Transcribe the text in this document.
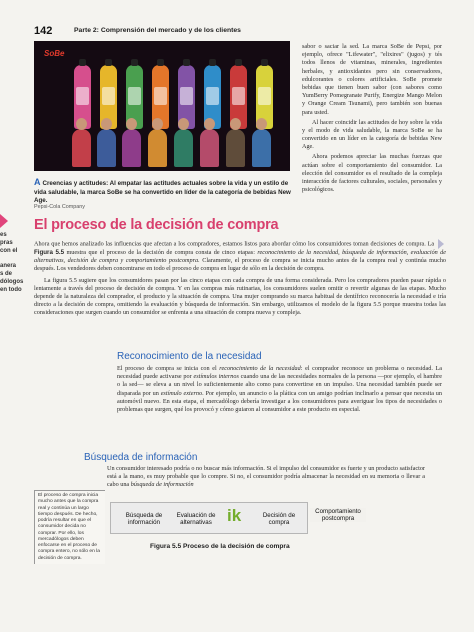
142	Parte 2: Comprensión del mercado y de los clientes
SoBe
A Creencias y actitudes: Al empatar las actitudes actuales sobre la vida y un estilo de vida saludable, la marca SoBe se ha convertido en líder de la categoría de bebidas New Age.
Pepsi-Cola Company

sabor o saciar la sed. La marca SoBe de Pepsi, por ejemplo, ofrece "Lifewater", "elixires" (jugos) y tés todos llenos de vitaminas, minerales, ingredientes herbales, y antioxidantes pero sin conservadores, edulcorantes o colores artificiales. SoBe promete bebidas que tienen buen sabor (con sabores como YumBerry Pomegranate Purify, Energize Mango Melon y Orange Cream Tsunami), pero también son buenas para usted.

Al hacer coincidir las actitudes de hoy sobre la vida y el modo de vida saludable, la marca SoBe se ha convertido en un líder en la categoría de bebidas New Age.

Ahora podemos apreciar las muchas fuerzas que actúan sobre el comportamiento del consumidor. La elección del consumidor es el resultado de la compleja interacción de factores culturales, sociales, personales y psicológicos.

es
pras
con el

anera
s de
dólogos
en todo
El proceso de la decisión de compra

Ahora que hemos analizado las influencias que afectan a los compradores, estamos listos para abordar cómo los consumidores toman decisiones de compra. La Figura 5.5 muestra que el proceso de la decisión de compra consta de cinco etapas: reconocimiento de la necesidad, búsqueda de información, evaluación de alternativas, decisión de compra y comportamiento postcompra. Claramente, el proceso de compra se inicia mucho antes de la compra real y continúa mucho después. Los vendedores deben concentrarse en todo el proceso de compra en lugar de sólo en la decisión de compra.

La figura 5.5 sugiere que los consumidores pasan por las cinco etapas con cada compra de una forma considerada. Pero los compradores pueden pasar rápida o lentamente a través del proceso de decisión de compra. Y en las compras más rutinarias, los consumidores suelen omitir o revertir algunas de las etapas. Mucho depende de la naturaleza del comprador, el producto y la situación de compra. Una mujer comprando su marca habitual de dentífrico reconocería la necesidad e iría directo a la decisión de compra, omitiendo la evaluación y búsqueda de información. Sin embargo, utilizamos el modelo de la figura 5.5 porque muestra todas las consideraciones que surgen cuando un consumidor se enfrenta a una situación de compra nueva y compleja.

Reconocimiento de la necesidad
El proceso de compra se inicia con el reconocimiento de la necesidad: el comprador reconoce un problema o necesidad. La necesidad puede activarse por estímulos internos cuando una de las necesidades normales de la persona —por ejemplo, el hambre o la sed— se eleva a un nivel lo suficientemente alto como para convertirse en un impulso. Una necesidad también puede ser disparada por un estímulo externo. Por ejemplo, un anuncio o la plática con un amigo podrían inclinarlo a pensar que necesita un automóvil nuevo. En esta etapa, el mercadólogo debería investigar a los consumidores para averiguar los tipos de necesidades o problemas que surgen, qué los provocó y cómo guiaron al consumidor a este producto en especial.
Búsqueda de información
Un consumidor interesado podría o no buscar más información. Si el impulso del consumidor es fuerte y un producto satisfactor está a la mano, es muy probable que lo compre. Si no, el consumidor podría almacenar la necesidad en su memoria o llevar a cabo una búsqueda de información
El proceso de compra inicia mucho antes que la compra real y continúa un largo tiempo después. De hecho, podría resultar en que el consumidor decida no comprar. Por ello, los mercadólogos deben enfocarse en el proceso de compra entero, no sólo en la decisión de compra.
Búsqueda de información
Evaluación de alternativas ik	Decisión de compra
Comportamiento postcompra
Figura 5.5 Proceso de la decisión de compra
